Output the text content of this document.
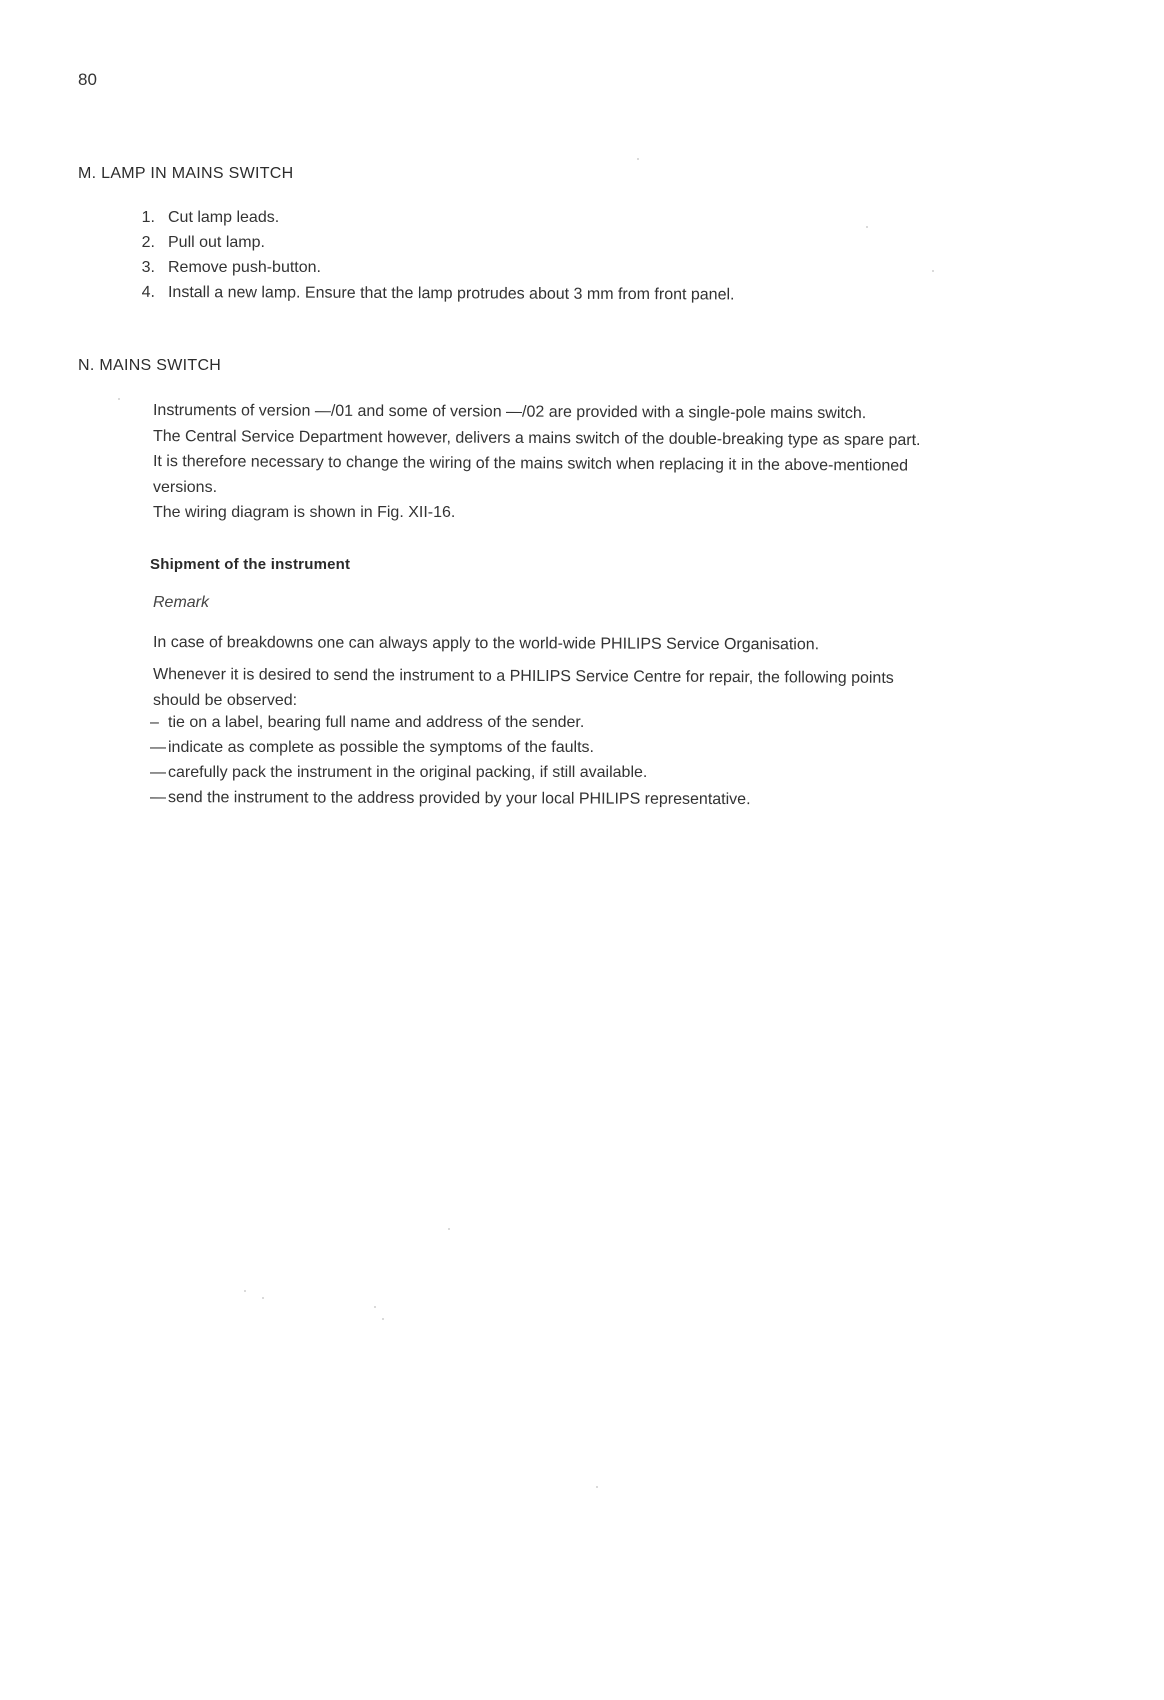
80
M. LAMP IN MAINS SWITCH
1. Cut lamp leads.
2. Pull out lamp.
3. Remove push-button.
4. Install a new lamp. Ensure that the lamp protrudes about 3 mm from front panel.
N. MAINS SWITCH
Instruments of version —/01 and some of version —/02 are provided with a single-pole mains switch.
The Central Service Department however, delivers a mains switch of the double-breaking type as spare part.
It is therefore necessary to change the wiring of the mains switch when replacing it in the above-mentioned
versions.
The wiring diagram is shown in Fig. XII-16.
Shipment of the instrument
Remark
In case of breakdowns one can always apply to the world-wide PHILIPS Service Organisation.
Whenever it is desired to send the instrument to a PHILIPS Service Centre for repair, the following points
should be observed:
– tie on a label, bearing full name and address of the sender.
— indicate as complete as possible the symptoms of the faults.
— carefully pack the instrument in the original packing, if still available.
— send the instrument to the address provided by your local PHILIPS representative.
